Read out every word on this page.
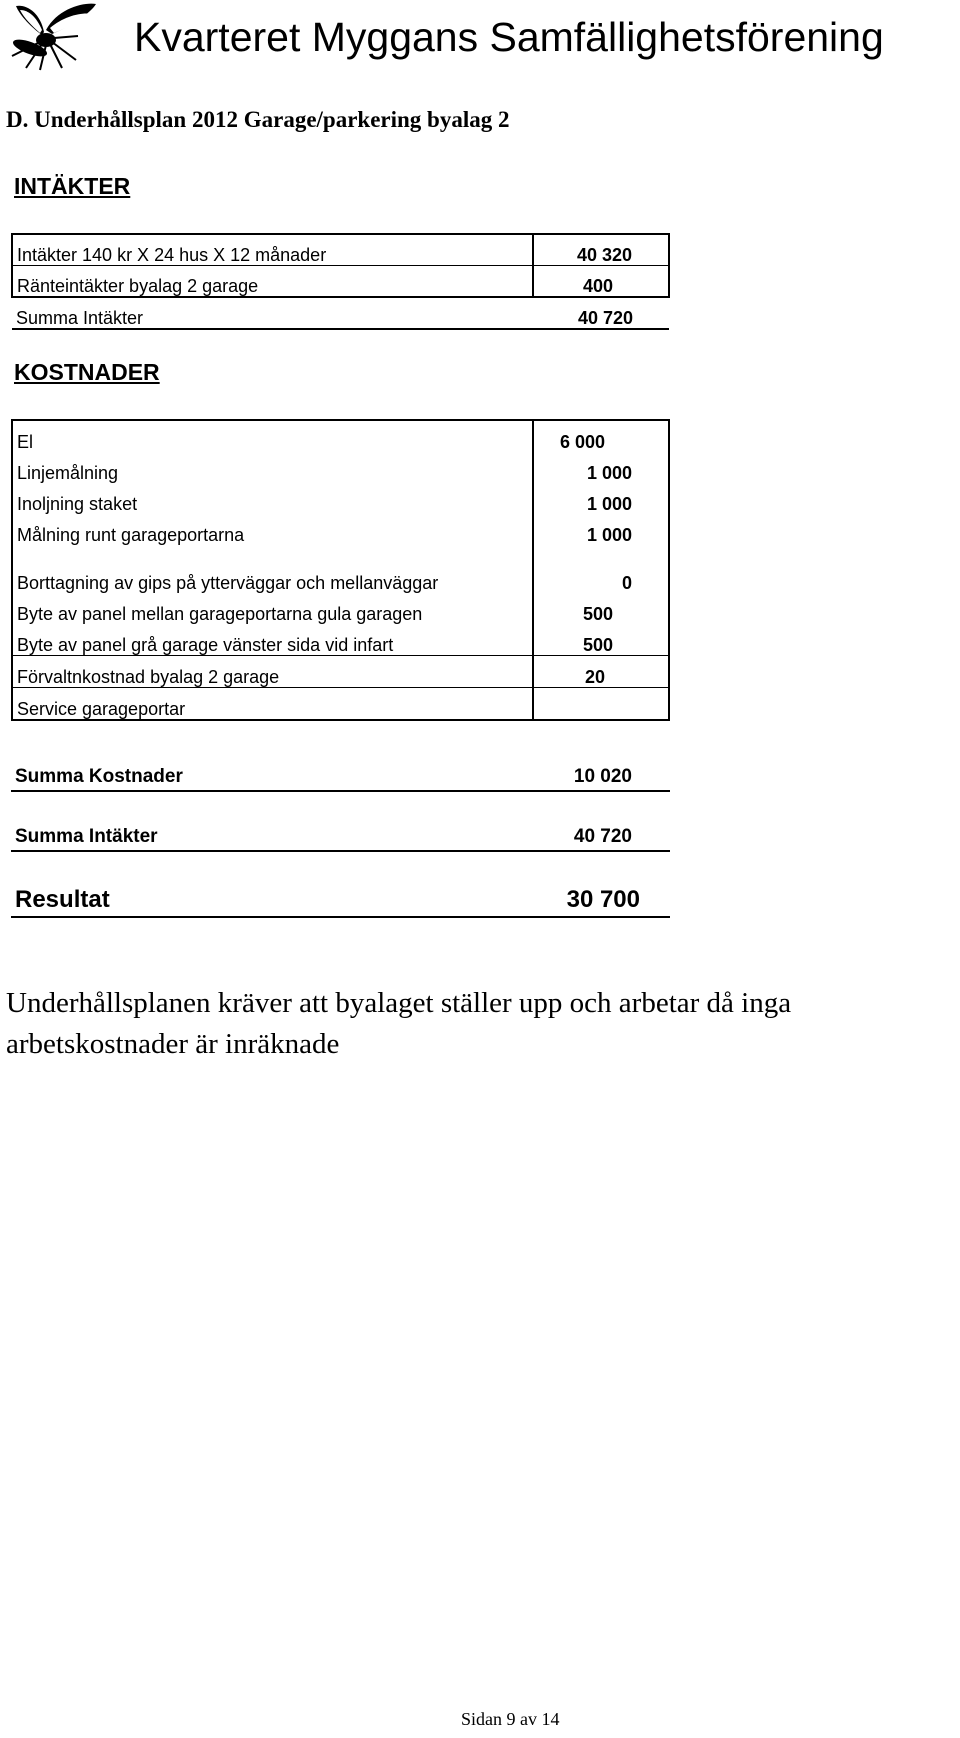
Kvarteret Myggans Samfällighetsförening
D. Underhållsplan 2012 Garage/parkering byalag 2
INTÄKTER
Intäkter 140 kr X 24 hus X 12 månader	40 320
Ränteintäkter byalag 2 garage	400
Summa Intäkter	40 720
KOSTNADER
El	6 000
Linjemålning	1 000
Inoljning staket	1 000
Målning runt garageportarna	1 000
Borttagning av gips på ytterväggar och mellanväggar	0
Byte av panel mellan garageportarna gula garagen	500
Byte av panel grå garage vänster sida vid infart	500
Förvaltnkostnad byalag 2 garage	20
Service garageportar	
Summa Kostnader	10 020
Summa Intäkter	40 720
Resultat	30 700
Underhållsplanen kräver att byalaget ställer upp och arbetar då inga arbetskostnader är inräknade
Sidan 9 av 14
